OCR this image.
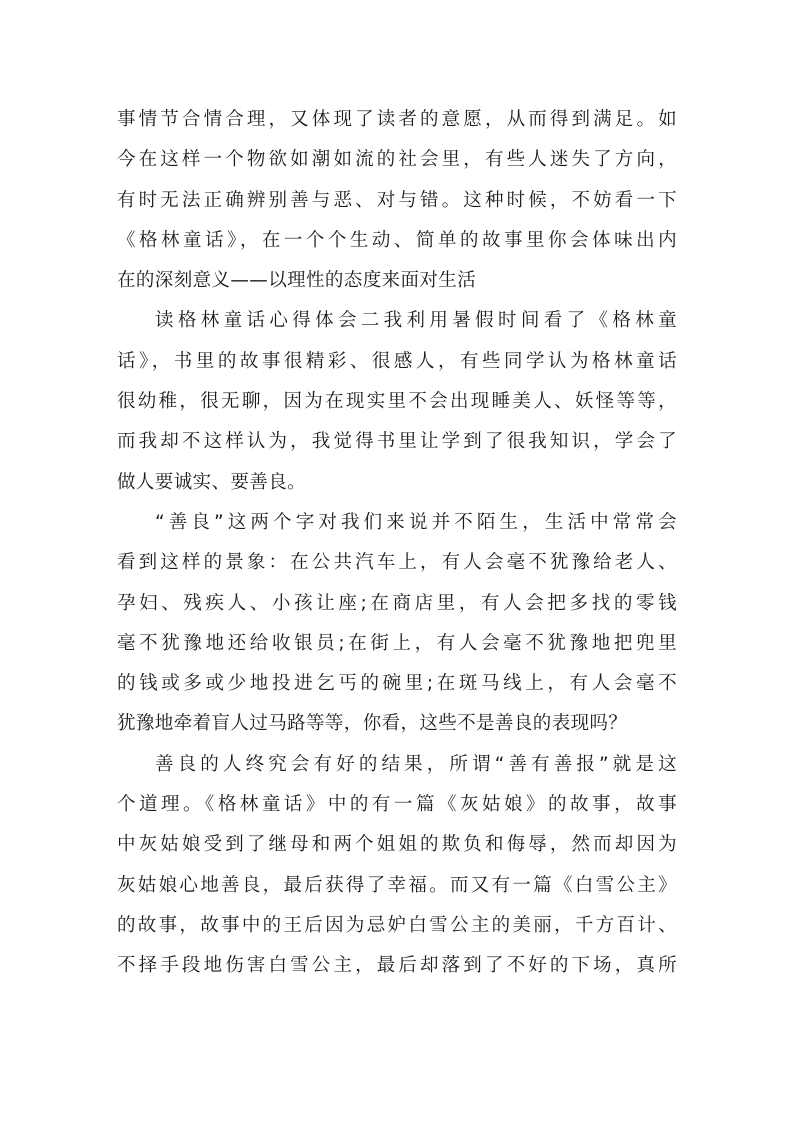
事情节合情合理，又体现了读者的意愿，从而得到满足。如
今在这样一个物欲如潮如流的社会里，有些人迷失了方向，
有时无法正确辨别善与恶、对与错。这种时候，不妨看一下
《格林童话》，在一个个生动、简单的故事里你会体味出内
在的深刻意义——以理性的态度来面对生活

读格林童话心得体会二我利用暑假时间看了《格林童
话》，书里的故事很精彩、很感人，有些同学认为格林童话
很幼稚，很无聊，因为在现实里不会出现睡美人、妖怪等等，
而我却不这样认为，我觉得书里让学到了很我知识，学会了
做人要诚实、要善良。

“善良”这两个字对我们来说并不陌生，生活中常常会
看到这样的景象：在公共汽车上，有人会毫不犹豫给老人、
孕妇、残疾人、小孩让座;在商店里，有人会把多找的零钱
毫不犹豫地还给收银员;在街上，有人会毫不犹豫地把兜里
的钱或多或少地投进乞丐的碗里;在斑马线上，有人会毫不
犹豫地牵着盲人过马路等等，你看，这些不是善良的表现吗？

善良的人终究会有好的结果，所谓“善有善报”就是这
个道理。《格林童话》中的有一篇《灰姑娘》的故事，故事
中灰姑娘受到了继母和两个姐姐的欺负和侮辱，然而却因为
灰姑娘心地善良，最后获得了幸福。而又有一篇《白雪公主》
的故事，故事中的王后因为忌妒白雪公主的美丽，千方百计、
不择手段地伤害白雪公主，最后却落到了不好的下场，真所
